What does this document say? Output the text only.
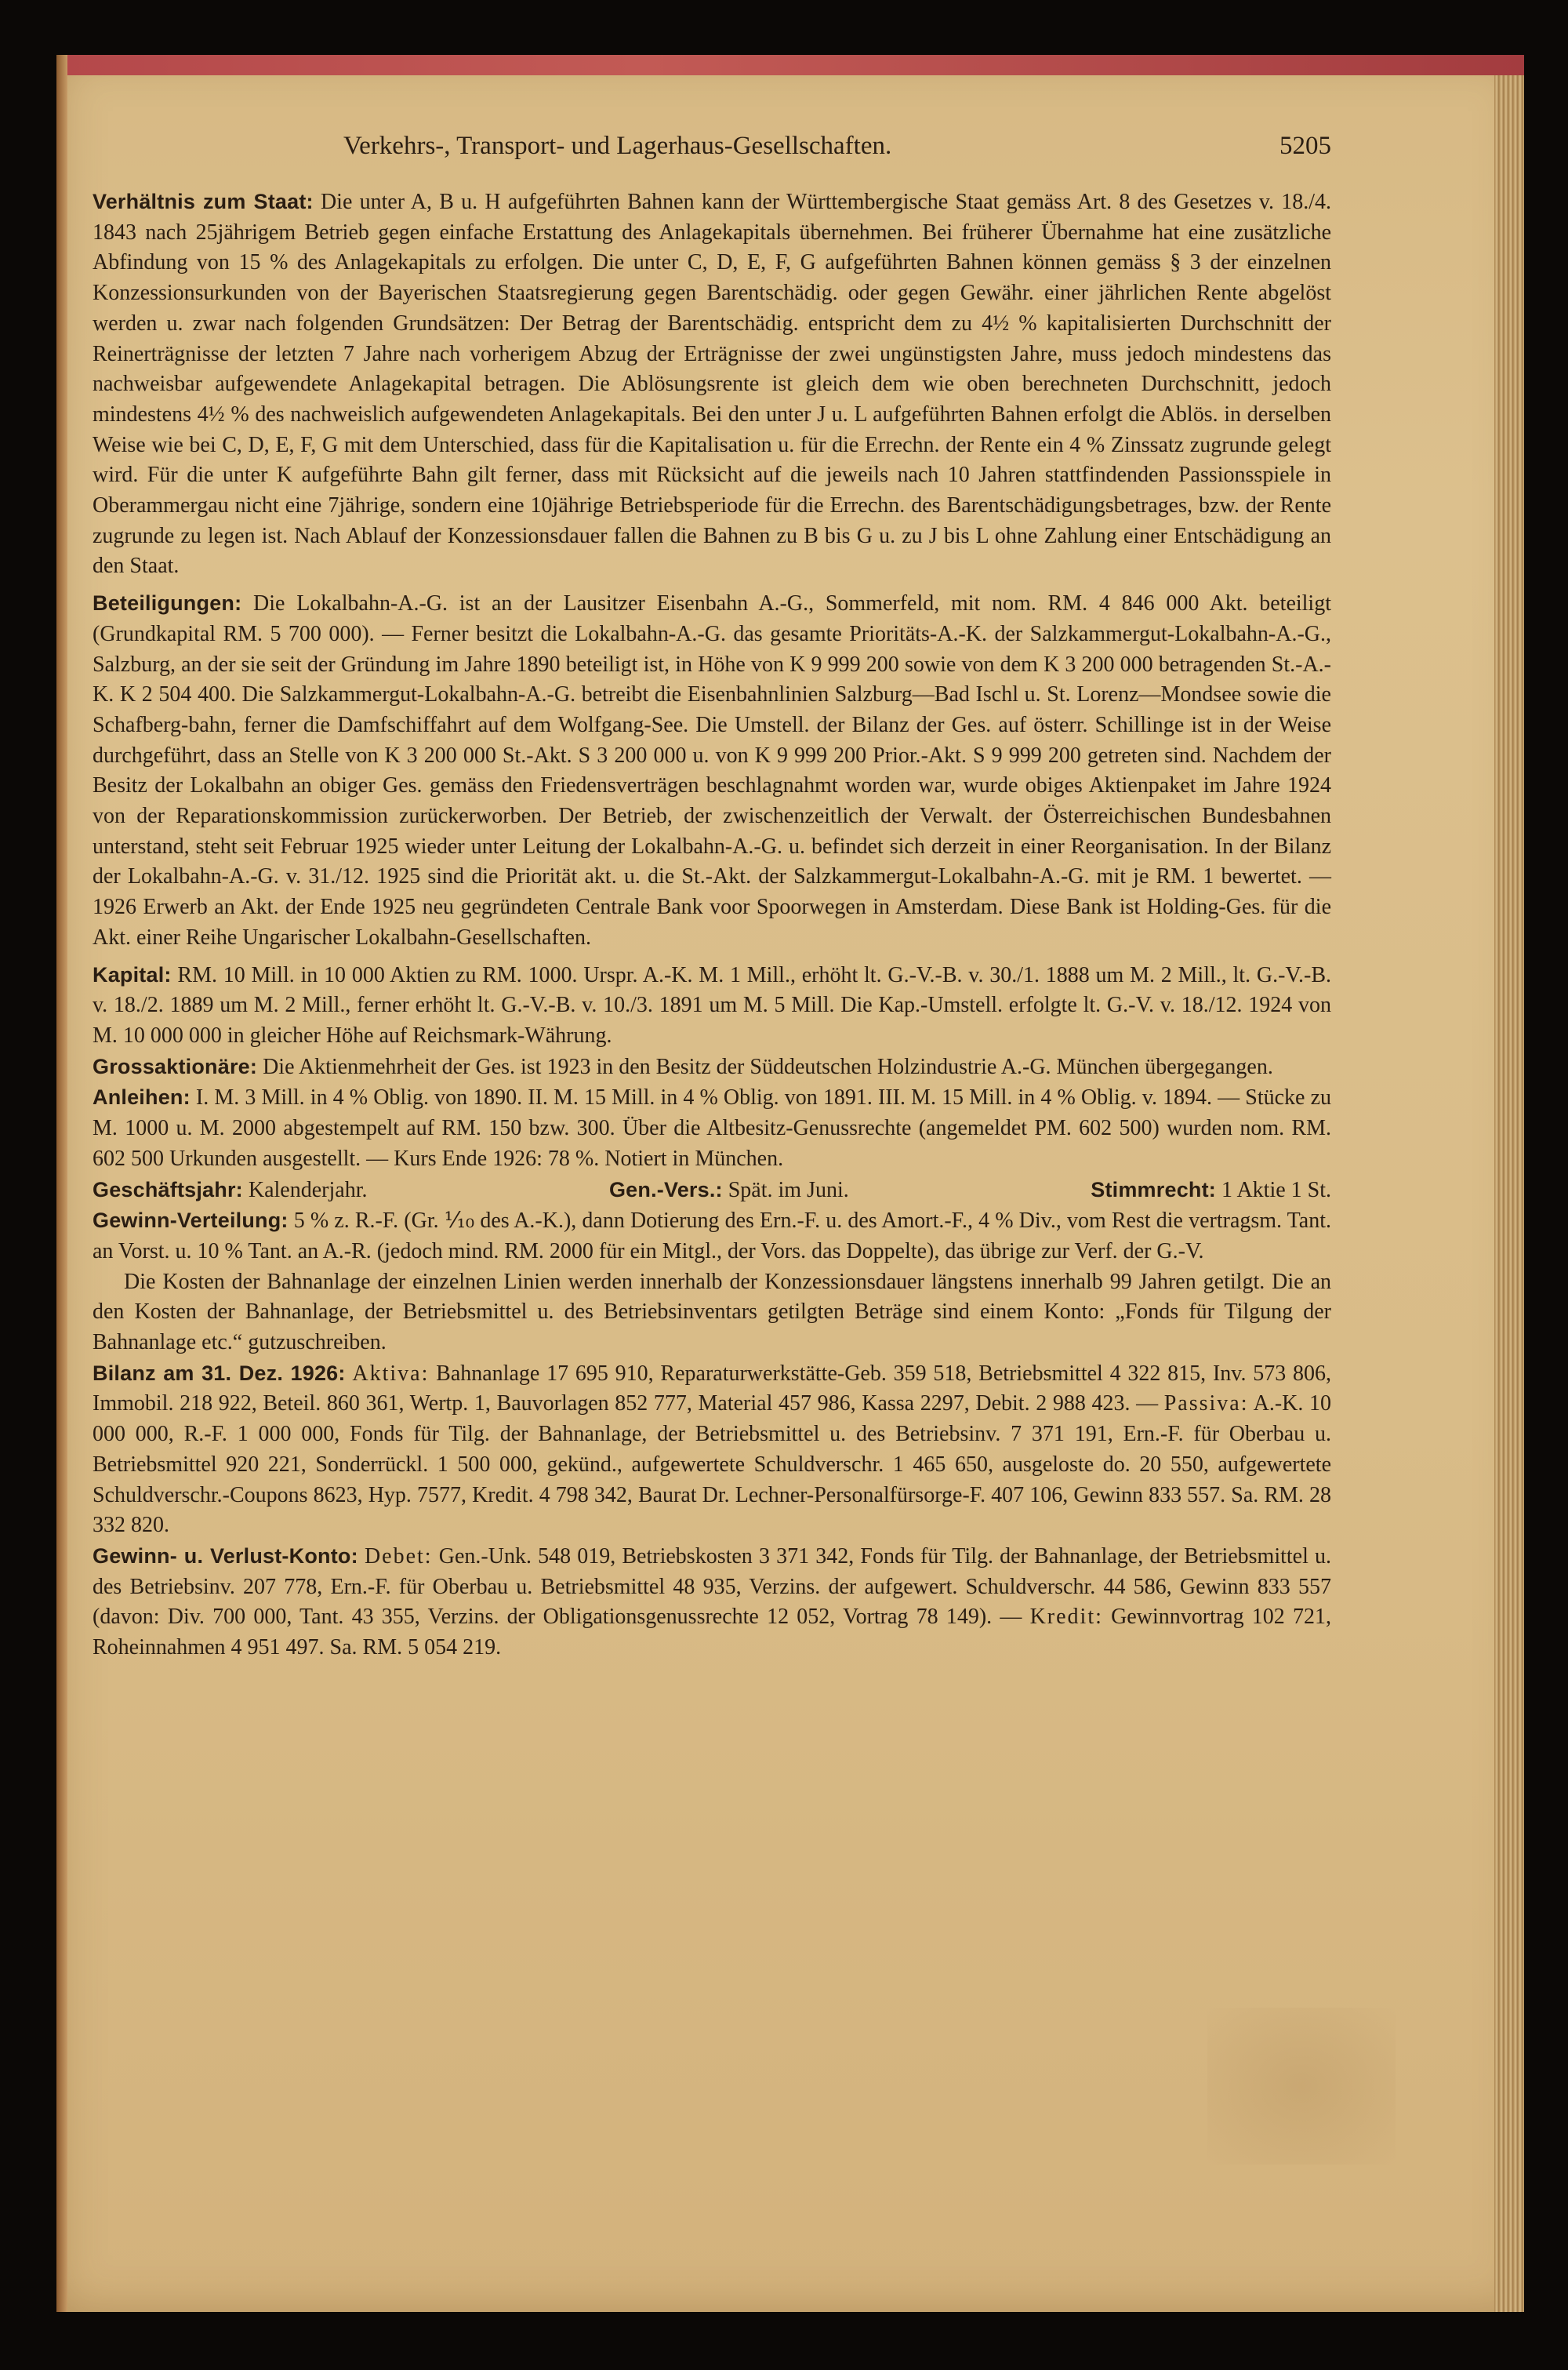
Verkehrs-, Transport- und Lagerhaus-Gesellschaften.	5205

Verhältnis zum Staat: Die unter A, B u. H aufgeführten Bahnen kann der Württembergische Staat gemäss Art. 8 des Gesetzes v. 18./4. 1843 nach 25jährigem Betrieb gegen einfache Erstattung des Anlagekapitals übernehmen. Bei früherer Übernahme hat eine zusätzliche Abfindung von 15 % des Anlagekapitals zu erfolgen. Die unter C, D, E, F, G aufgeführten Bahnen können gemäss § 3 der einzelnen Konzessionsurkunden von der Bayerischen Staatsregierung gegen Barentschädig. oder gegen Gewähr. einer jährlichen Rente abgelöst werden u. zwar nach folgenden Grundsätzen: Der Betrag der Barentschädig. entspricht dem zu 4½ % kapitalisierten Durchschnitt der Reinerträgnisse der letzten 7 Jahre nach vorherigem Abzug der Erträgnisse der zwei ungünstigsten Jahre, muss jedoch mindestens das nachweisbar aufgewendete Anlagekapital betragen. Die Ablösungsrente ist gleich dem wie oben berechneten Durchschnitt, jedoch mindestens 4½ % des nachweislich aufgewendeten Anlagekapitals. Bei den unter J u. L aufgeführten Bahnen erfolgt die Ablös. in derselben Weise wie bei C, D, E, F, G mit dem Unterschied, dass für die Kapitalisation u. für die Errechn. der Rente ein 4 % Zinssatz zugrunde gelegt wird. Für die unter K aufgeführte Bahn gilt ferner, dass mit Rücksicht auf die jeweils nach 10 Jahren stattfindenden Passionsspiele in Oberammergau nicht eine 7jährige, sondern eine 10jährige Betriebsperiode für die Errechn. des Barentschädigungsbetrages, bzw. der Rente zugrunde zu legen ist. Nach Ablauf der Konzessionsdauer fallen die Bahnen zu B bis G u. zu J bis L ohne Zahlung einer Entschädigung an den Staat.

Beteiligungen: Die Lokalbahn-A.-G. ist an der Lausitzer Eisenbahn A.-G., Sommerfeld, mit nom. RM. 4 846 000 Akt. beteiligt (Grundkapital RM. 5 700 000). — Ferner besitzt die Lokalbahn-A.-G. das gesamte Prioritäts-A.-K. der Salzkammergut-Lokalbahn-A.-G., Salzburg, an der sie seit der Gründung im Jahre 1890 beteiligt ist, in Höhe von K 9 999 200 sowie von dem K 3 200 000 betragenden St.-A.-K. K 2 504 400. Die Salzkammergut-Lokalbahn-A.-G. betreibt die Eisenbahnlinien Salzburg—Bad Ischl u. St. Lorenz—Mondsee sowie die Schafberg-bahn, ferner die Damfschiffahrt auf dem Wolfgang-See. Die Umstell. der Bilanz der Ges. auf österr. Schillinge ist in der Weise durchgeführt, dass an Stelle von K 3 200 000 St.-Akt. S 3 200 000 u. von K 9 999 200 Prior.-Akt. S 9 999 200 getreten sind. Nachdem der Besitz der Lokalbahn an obiger Ges. gemäss den Friedensverträgen beschlagnahmt worden war, wurde obiges Aktienpaket im Jahre 1924 von der Reparationskommission zurückerworben. Der Betrieb, der zwischenzeitlich der Verwalt. der Österreichischen Bundesbahnen unterstand, steht seit Februar 1925 wieder unter Leitung der Lokalbahn-A.-G. u. befindet sich derzeit in einer Reorganisation. In der Bilanz der Lokalbahn-A.-G. v. 31./12. 1925 sind die Priorität akt. u. die St.-Akt. der Salzkammergut-Lokalbahn-A.-G. mit je RM. 1 bewertet. — 1926 Erwerb an Akt. der Ende 1925 neu gegründeten Centrale Bank voor Spoorwegen in Amsterdam. Diese Bank ist Holding-Ges. für die Akt. einer Reihe Ungarischer Lokalbahn-Gesellschaften.

Kapital: RM. 10 Mill. in 10 000 Aktien zu RM. 1000. Urspr. A.-K. M. 1 Mill., erhöht lt. G.-V.-B. v. 30./1. 1888 um M. 2 Mill., lt. G.-V.-B. v. 18./2. 1889 um M. 2 Mill., ferner erhöht lt. G.-V.-B. v. 10./3. 1891 um M. 5 Mill. Die Kap.-Umstell. erfolgte lt. G.-V. v. 18./12. 1924 von M. 10 000 000 in gleicher Höhe auf Reichsmark-Währung.

Grossaktionäre: Die Aktienmehrheit der Ges. ist 1923 in den Besitz der Süddeutschen Holzindustrie A.-G. München übergegangen.

Anleihen: I. M. 3 Mill. in 4 % Oblig. von 1890. II. M. 15 Mill. in 4 % Oblig. von 1891. III. M. 15 Mill. in 4 % Oblig. v. 1894. — Stücke zu M. 1000 u. M. 2000 abgestempelt auf RM. 150 bzw. 300. Über die Altbesitz-Genussrechte (angemeldet PM. 602 500) wurden nom. RM. 602 500 Urkunden ausgestellt. — Kurs Ende 1926: 78 %. Notiert in München.

Geschäftsjahr: Kalenderjahr.	Gen.-Vers.: Spät. im Juni.	Stimmrecht: 1 Aktie 1 St.

Gewinn-Verteilung: 5 % z. R.-F. (Gr. ⅒ des A.-K.), dann Dotierung des Ern.-F. u. des Amort.-F., 4 % Div., vom Rest die vertragsm. Tant. an Vorst. u. 10 % Tant. an A.-R. (jedoch mind. RM. 2000 für ein Mitgl., der Vors. das Doppelte), das übrige zur Verf. der G.-V.

Die Kosten der Bahnanlage der einzelnen Linien werden innerhalb der Konzessionsdauer längstens innerhalb 99 Jahren getilgt. Die an den Kosten der Bahnanlage, der Betriebsmittel u. des Betriebsinventars getilgten Beträge sind einem Konto: „Fonds für Tilgung der Bahnanlage etc.“ gutzuschreiben.

Bilanz am 31. Dez. 1926: Aktiva: Bahnanlage 17 695 910, Reparaturwerkstätte-Geb. 359 518, Betriebsmittel 4 322 815, Inv. 573 806, Immobil. 218 922, Beteil. 860 361, Wertp. 1, Bauvorlagen 852 777, Material 457 986, Kassa 2297, Debit. 2 988 423. — Passiva: A.-K. 10 000 000, R.-F. 1 000 000, Fonds für Tilg. der Bahnanlage, der Betriebsmittel u. des Betriebsinv. 7 371 191, Ern.-F. für Oberbau u. Betriebsmittel 920 221, Sonderrückl. 1 500 000, gekünd., aufgewertete Schuldverschr. 1 465 650, ausgeloste do. 20 550, aufgewertete Schuldverschr.-Coupons 8623, Hyp. 7577, Kredit. 4 798 342, Baurat Dr. Lechner-Personalfürsorge-F. 407 106, Gewinn 833 557. Sa. RM. 28 332 820.

Gewinn- u. Verlust-Konto: Debet: Gen.-Unk. 548 019, Betriebskosten 3 371 342, Fonds für Tilg. der Bahnanlage, der Betriebsmittel u. des Betriebsinv. 207 778, Ern.-F. für Oberbau u. Betriebsmittel 48 935, Verzins. der aufgewert. Schuldverschr. 44 586, Gewinn 833 557 (davon: Div. 700 000, Tant. 43 355, Verzins. der Obligationsgenussrechte 12 052, Vortrag 78 149). — Kredit: Gewinnvortrag 102 721, Roheinnahmen 4 951 497. Sa. RM. 5 054 219.
